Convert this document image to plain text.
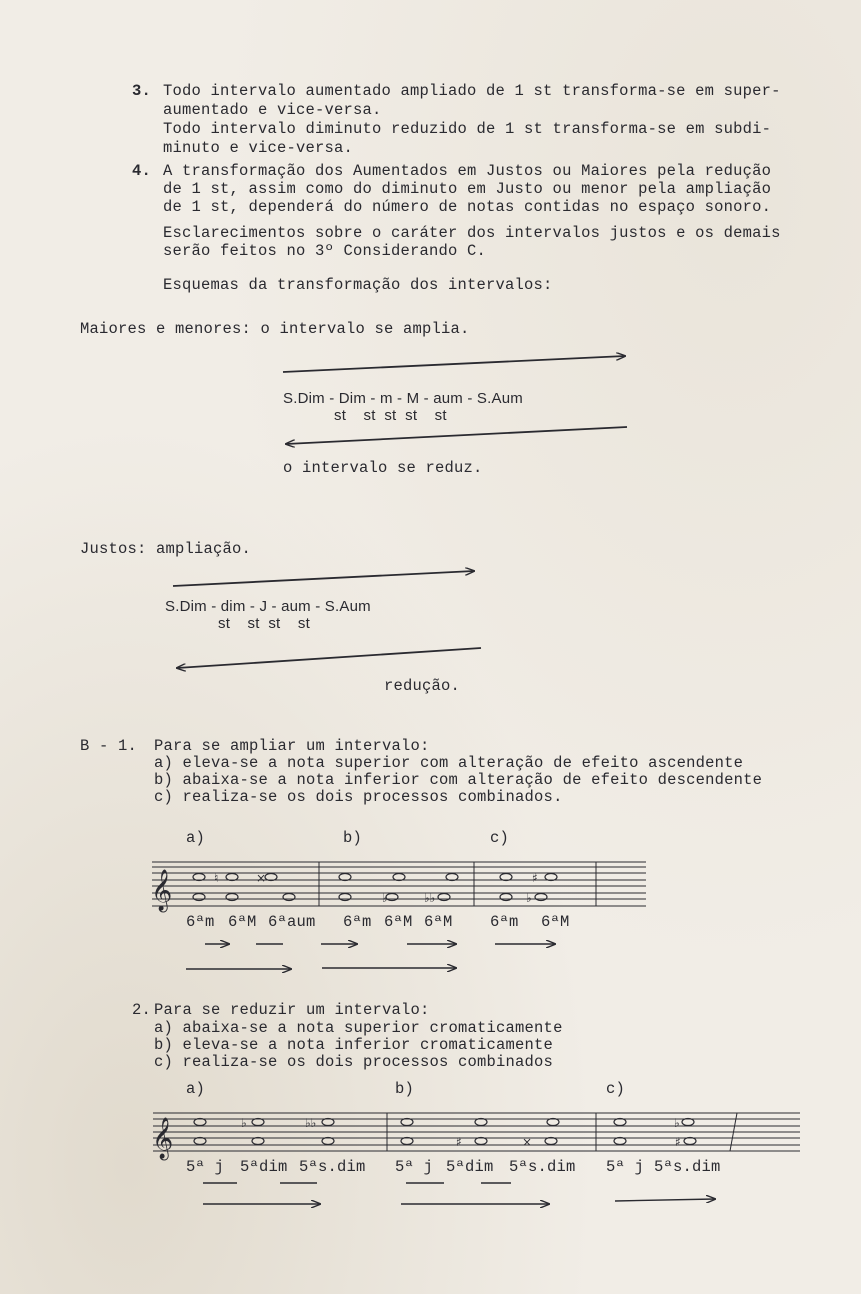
3. Todo intervalo aumentado ampliado de 1 st transforma-se em super-
aumentado e vice-versa.
Todo intervalo diminuto reduzido de 1 st transforma-se em subdi-
minuto e vice-versa.
4. A transformação dos Aumentados em Justos ou Maiores pela redução
de 1 st, assim como do diminuto em Justo ou menor pela ampliação
de 1 st, dependerá do número de notas contidas no espaço sonoro.
Esclarecimentos sobre o caráter dos intervalos justos e os demais
serão feitos no 3º Considerando C.
Esquemas da transformação dos intervalos:
Maiores e menores: o intervalo se amplia.
S.Dim - Dim - m - M - aum - S.Aum
st    st  st  st    st
o intervalo se reduz.
Justos: ampliação.
S.Dim - dim - J - aum - S.Aum
st    st  st    st
redução.
B - 1. Para se ampliar um intervalo:
a) eleva-se a nota superior com alteração de efeito ascendente
b) abaixa-se a nota inferior com alteração de efeito descendente
c) realiza-se os dois processos combinados.
a)	b)	c)
6ªm 6ªM 6ªaum 6ªm 6ªM 6ªM 6ªm 6ªM
2. Para se reduzir um intervalo:
a) abaixa-se a nota superior cromaticamente
b) eleva-se a nota inferior cromaticamente
c) realiza-se os dois processos combinados
a)	b)	c)
5ª j 5ªdim 5ªs.dim 5ª j 5ªdim 5ªs.dim 5ª j 5ªs.dim
𝄞	♮	×
♭	♭♭
♯
♭
𝄞	♭	♭♭
♯	×
♭
♯
